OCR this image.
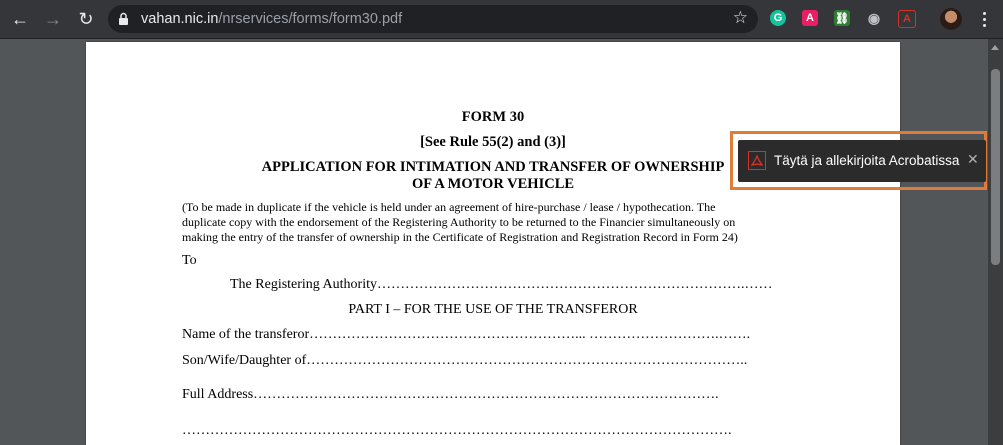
← → ↻	vahan.nic.in/nrservices/forms/form30.pdf	☆	G	A	⛓ ◉	A
FORM 30
[See Rule 55(2) and (3)]
APPLICATION FOR INTIMATION AND TRANSFER OF OWNERSHIP
OF A MOTOR VEHICLE
(To be made in duplicate if the vehicle is held under an agreement of hire-purchase / lease / hypothecation. The
duplicate copy with the endorsement of the Registering Authority to be returned to the Financier simultaneously on
making the entry of the transfer of ownership in the Certificate of Registration and Registration Record in Form 24)
To
The Registering Authority…………………………………………………………………….……
PART I – FOR THE USE OF THE TRANSFEROR
Name of the transferor…………………………………………………... ……………………….…….
Son/Wife/Daughter of…………………………………………………………………………………..
Full Address……………………………………………………………………………………….
……………………………………………………………………………………………………….
Täytä ja allekirjoita Acrobatissa ✕
